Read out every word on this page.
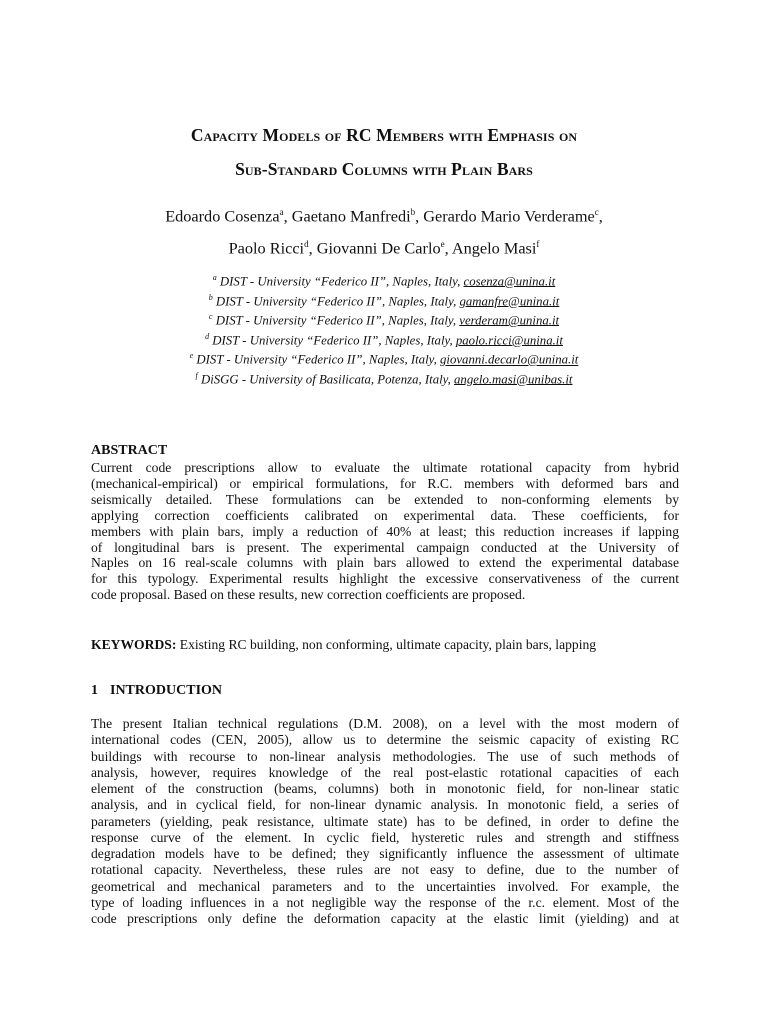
Capacity Models of RC Members with Emphasis on
Sub-Standard Columns with Plain Bars
Edoardo Cosenza$^a$, Gaetano Manfredi$^b$, Gerardo Mario Verderame$^c$,
Paolo Ricci$^d$, Giovanni De Carlo$^e$, Angelo Masi$^f$
$^a$ DIST - University “Federico II”, Naples, Italy, cosenza@unina.it
$^b$ DIST - University “Federico II”, Naples, Italy, gamanfre@unina.it
$^c$ DIST - University “Federico II”, Naples, Italy, verderam@unina.it
$^d$ DIST - University “Federico II”, Naples, Italy, paolo.ricci@unina.it
$^e$ DIST - University “Federico II”, Naples, Italy, giovanni.decarlo@unina.it
$^f$ DiSGG - University of Basilicata, Potenza, Italy, angelo.masi@unibas.it
ABSTRACT
Current code prescriptions allow to evaluate the ultimate rotational capacity from hybrid
(mechanical-empirical) or empirical formulations, for R.C. members with deformed bars and
seismically detailed. These formulations can be extended to non-conforming elements by
applying correction coefficients calibrated on experimental data. These coefficients, for
members with plain bars, imply a reduction of 40% at least; this reduction increases if lapping
of longitudinal bars is present. The experimental campaign conducted at the University of
Naples on 16 real-scale columns with plain bars allowed to extend the experimental database
for this typology. Experimental results highlight the excessive conservativeness of the current
code proposal. Based on these results, new correction coefficients are proposed.
KEYWORDS: Existing RC building, non conforming, ultimate capacity, plain bars, lapping
1 INTRODUCTION
The present Italian technical regulations (D.M. 2008), on a level with the most modern of
international codes (CEN, 2005), allow us to determine the seismic capacity of existing RC
buildings with recourse to non-linear analysis methodologies. The use of such methods of
analysis, however, requires knowledge of the real post-elastic rotational capacities of each
element of the construction (beams, columns) both in monotonic field, for non-linear static
analysis, and in cyclical field, for non-linear dynamic analysis. In monotonic field, a series of
parameters (yielding, peak resistance, ultimate state) has to be defined, in order to define the
response curve of the element. In cyclic field, hysteretic rules and strength and stiffness
degradation models have to be defined; they significantly influence the assessment of ultimate
rotational capacity. Nevertheless, these rules are not easy to define, due to the number of
geometrical and mechanical parameters and to the uncertainties involved. For example, the
type of loading influences in a not negligible way the response of the r.c. element. Most of the
code prescriptions only define the deformation capacity at the elastic limit (yielding) and at
